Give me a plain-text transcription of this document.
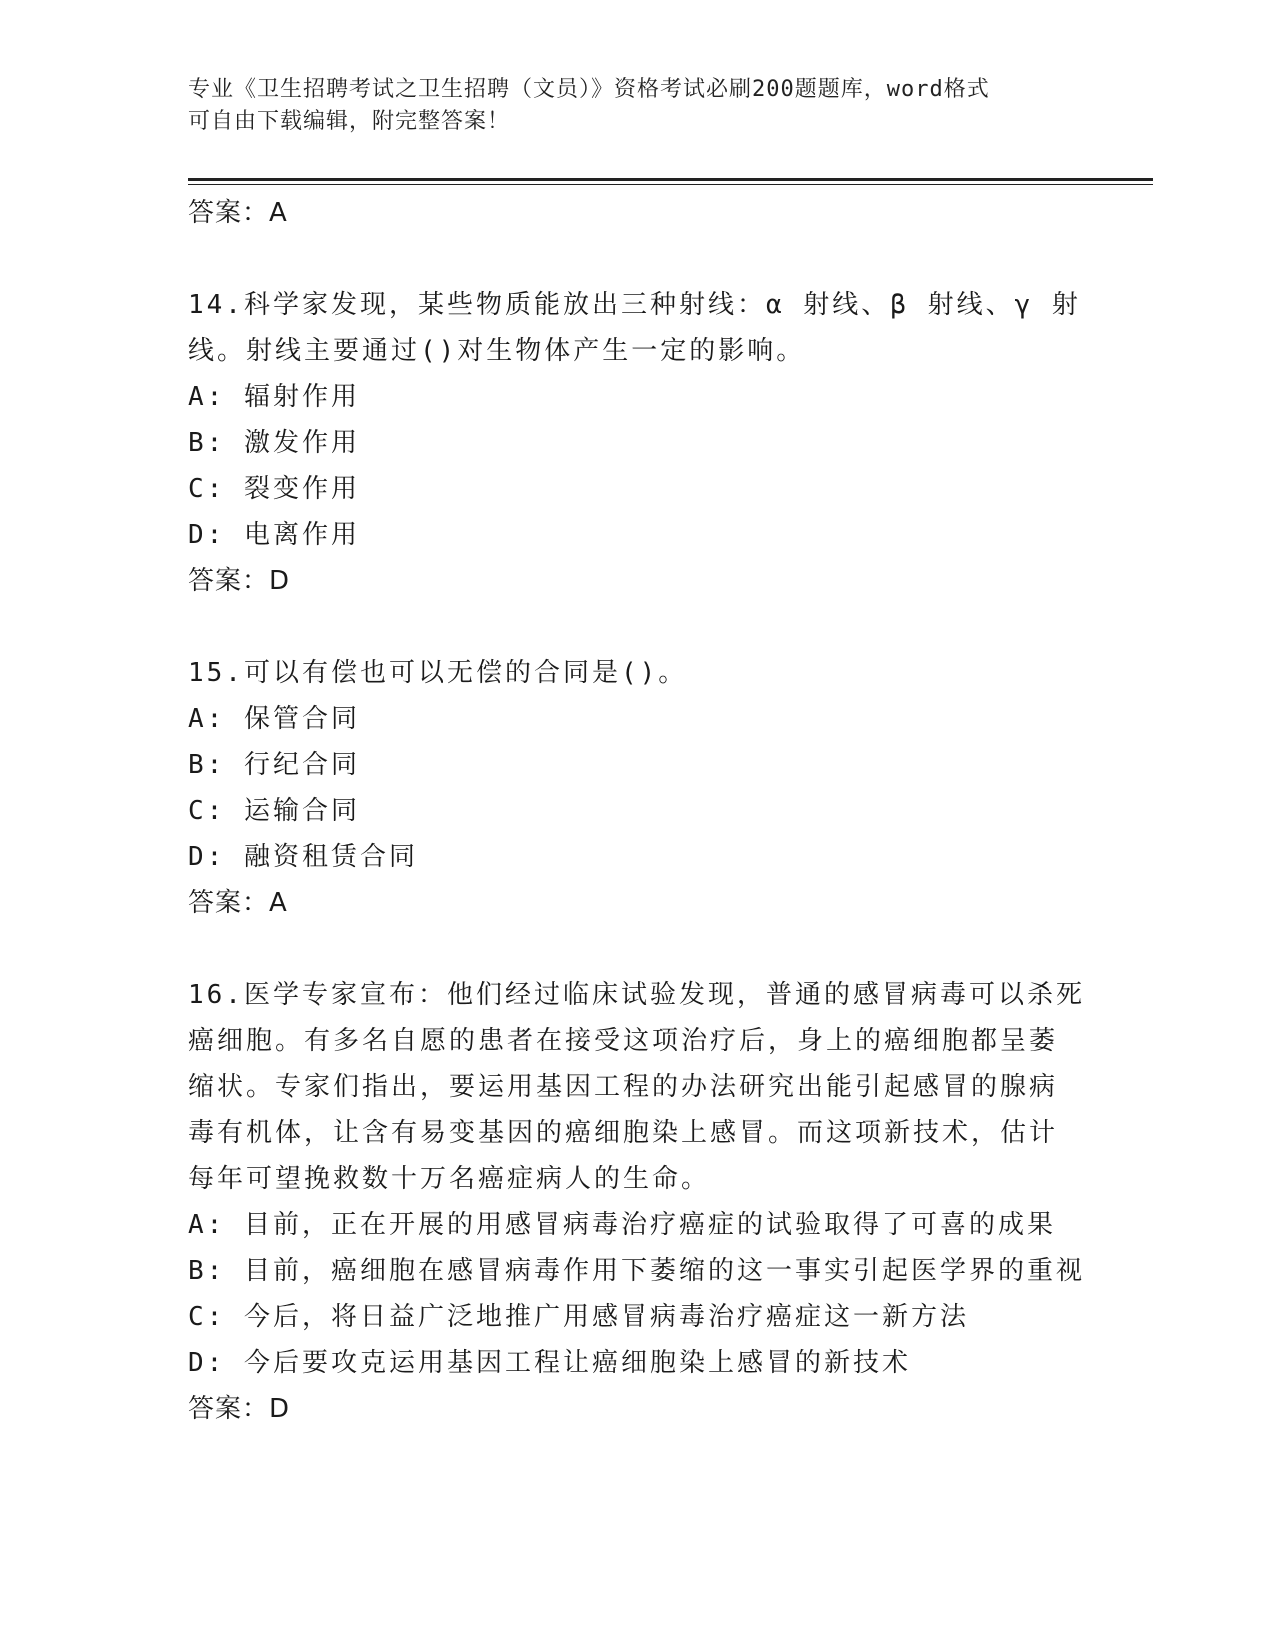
专业《卫生招聘考试之卫生招聘（文员）》资格考试必刷200题题库，word格式
可自由下载编辑，附完整答案！
答案：A
14.科学家发现，某些物质能放出三种射线：α 射线、β 射线、γ 射
线。射线主要通过()对生物体产生一定的影响。
A: 辐射作用
B: 激发作用
C: 裂变作用
D: 电离作用
答案：D
15.可以有偿也可以无偿的合同是()。
A: 保管合同
B: 行纪合同
C: 运输合同
D: 融资租赁合同
答案：A
16.医学专家宣布：他们经过临床试验发现，普通的感冒病毒可以杀死
癌细胞。有多名自愿的患者在接受这项治疗后，身上的癌细胞都呈萎
缩状。专家们指出，要运用基因工程的办法研究出能引起感冒的腺病
毒有机体，让含有易变基因的癌细胞染上感冒。而这项新技术，估计
每年可望挽救数十万名癌症病人的生命。
A: 目前，正在开展的用感冒病毒治疗癌症的试验取得了可喜的成果
B: 目前，癌细胞在感冒病毒作用下萎缩的这一事实引起医学界的重视
C: 今后，将日益广泛地推广用感冒病毒治疗癌症这一新方法
D: 今后要攻克运用基因工程让癌细胞染上感冒的新技术
答案：D
